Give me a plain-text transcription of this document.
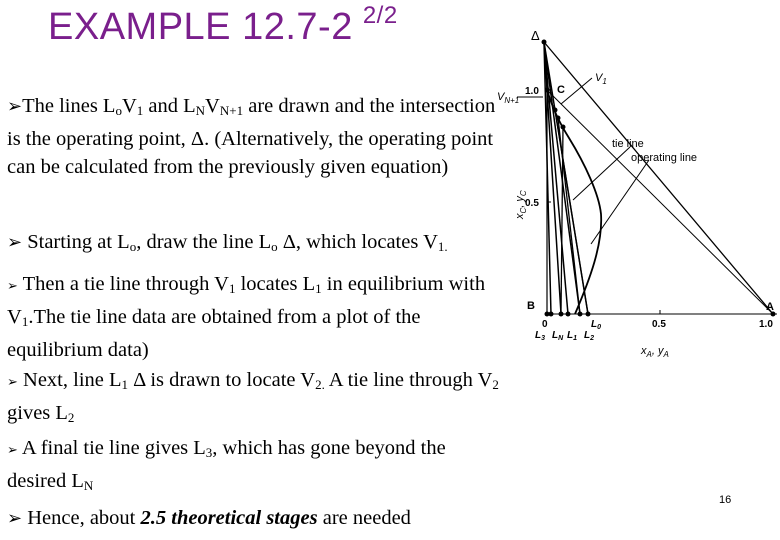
EXAMPLE 12.7-2 $^{2/2}$
➢The lines $L_oV_1$ and $L_NV_{N+1}$ are drawn and the intersection is the operating point, Δ. (Alternatively, the operating point can be calculated from the previously given equation)
➢ Starting at $L_o$, draw the line $L_o$ Δ, which locates $V_{1.}$
➢ Then a tie line through $V_1$ locates $L_1$ in equilibrium with $V_1.The$ tie line data are obtained from a plot of the equilibrium data)
➢ Next, line $L_1$ Δ is drawn to locate $V_{2.}$ A tie line through $V_2$ gives $L_2$
➢ A final tie line gives $L_3$, which has gone beyond the desired $L_N$
➢ Hence, about 2.5 theoretical stages are needed
16
Δ
C
1.0
$V_1$
$V_{N+1}$
tie line
operating line
0.5
$x_C$, $y_C$
B	A
0	0.5	1.0
$L_0$
$L_1$ $L_2$
$L_N$
$L_3$
$x_A$, $y_A$
